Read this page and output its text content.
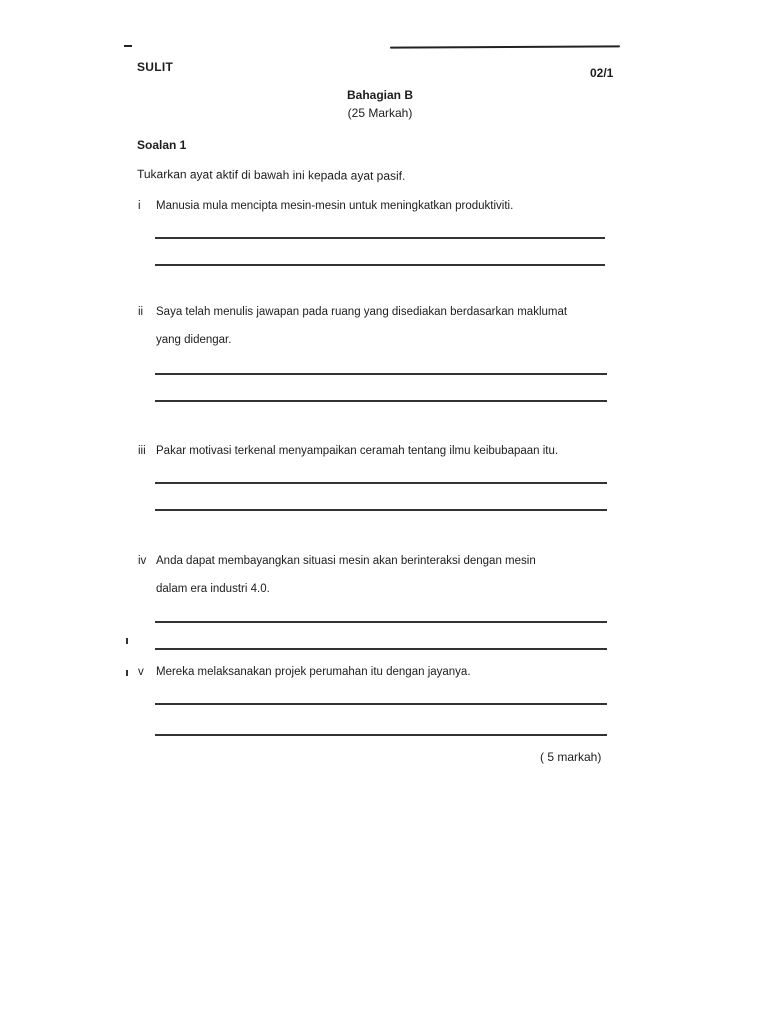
SULIT	02/1
Bahagian B
(25 Markah)
Soalan 1
Tukarkan ayat aktif di bawah ini kepada ayat pasif.
i	Manusia mula mencipta mesin-mesin untuk meningkatkan produktiviti.
ii	Saya telah menulis jawapan pada ruang yang disediakan berdasarkan maklumat
yang didengar.
iii Pakar motivasi terkenal menyampaikan ceramah tentang ilmu keibubapaan itu.
iv Anda dapat membayangkan situasi mesin akan berinteraksi dengan mesin
dalam era industri 4.0.
v	Mereka melaksanakan projek perumahan itu dengan jayanya.
( 5 markah)
